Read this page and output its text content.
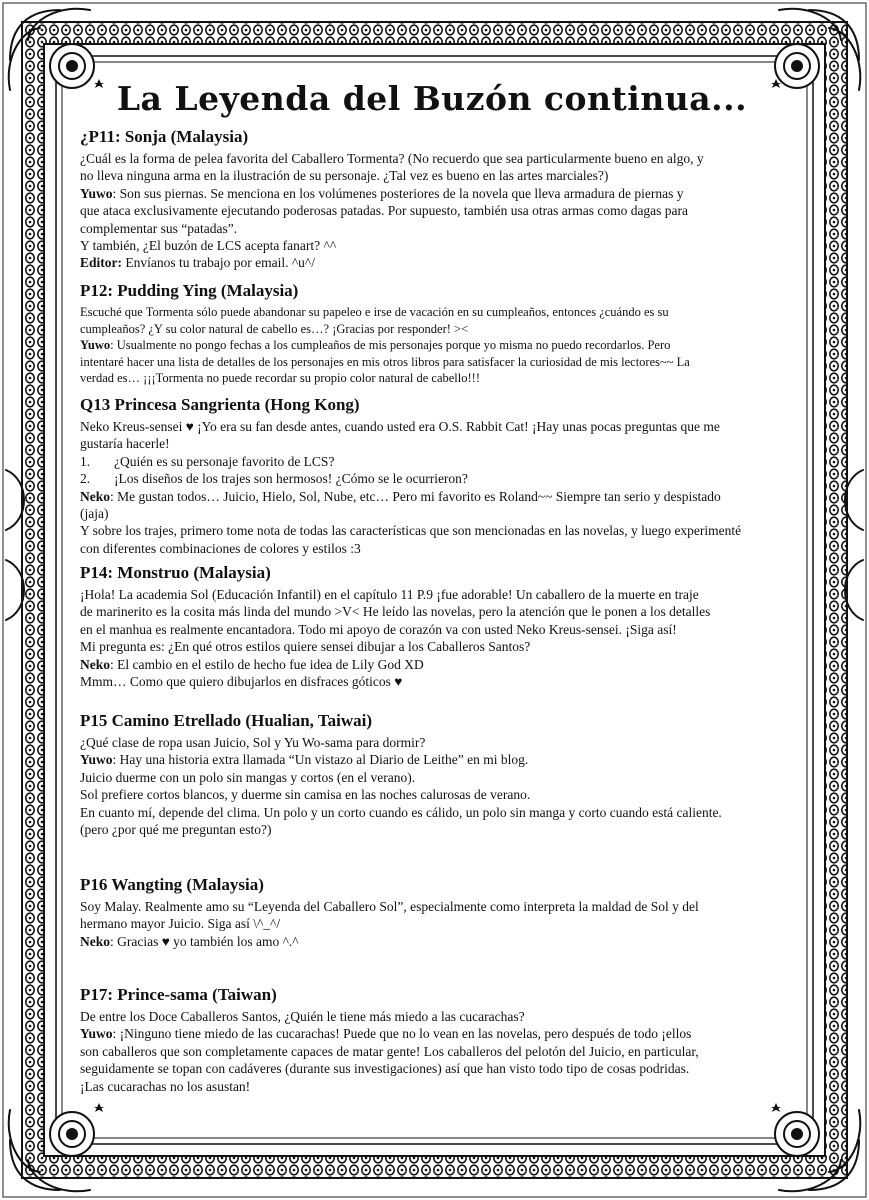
La Leyenda del Buzón continua...
¿P11: Sonja (Malaysia)

¿Cuál es la forma de pelea favorita del Caballero Tormenta? (No recuerdo que sea particularmente bueno en algo, y

no lleva ninguna arma en la ilustración de su personaje. ¿Tal vez es bueno en las artes marciales?)

Yuwo: Son sus piernas. Se menciona en los volúmenes posteriores de la novela que lleva armadura de piernas y

que ataca exclusivamente ejecutando poderosas patadas. Por supuesto, también usa otras armas como dagas para

complementar sus “patadas”.

Y también, ¿El buzón de LCS acepta fanart? ^^

Editor: Envíanos tu trabajo por email. ^u^/

P12: Pudding Ying (Malaysia)

Escuché que Tormenta sólo puede abandonar su papeleo e irse de vacación en su cumpleaños, entonces ¿cuándo es su

cumpleaños? ¿Y su color natural de cabello es…? ¡Gracias por responder! ><

Yuwo: Usualmente no pongo fechas a los cumpleaños de mis personajes porque yo misma no puedo recordarlos. Pero

intentaré hacer una lista de detalles de los personajes en mis otros libros para satisfacer la curiosidad de mis lectores~~ La

verdad es… ¡¡¡Tormenta no puede recordar su propio color natural de cabello!!!

Q13 Princesa Sangrienta (Hong Kong)

Neko Kreus-sensei ♥ ¡Yo era su fan desde antes, cuando usted era O.S. Rabbit Cat! ¡Hay unas pocas preguntas que me

gustaría hacerle!

1.	¿Quién es su personaje favorito de LCS?

2.	¡Los diseños de los trajes son hermosos! ¿Cómo se le ocurrieron?

Neko: Me gustan todos… Juicio, Hielo, Sol, Nube, etc… Pero mi favorito es Roland~~ Siempre tan serio y despistado

(jaja)

Y sobre los trajes, primero tome nota de todas las características que son mencionadas en las novelas, y luego experimenté

con diferentes combinaciones de colores y estilos :3

P14: Monstruo (Malaysia)

¡Hola! La academia Sol (Educación Infantil) en el capítulo 11 P.9 ¡fue adorable! Un caballero de la muerte en traje

de marinerito es la cosita más linda del mundo >V< He leído las novelas, pero la atención que le ponen a los detalles

en el manhua es realmente encantadora. Todo mi apoyo de corazón va con usted Neko Kreus-sensei. ¡Siga así!

Mi pregunta es: ¿En qué otros estilos quiere sensei dibujar a los Caballeros Santos?

Neko: El cambio en el estilo de hecho fue idea de Lily God XD

Mmm… Como que quiero dibujarlos en disfraces góticos ♥

P15 Camino Etrellado (Hualian, Taiwai)

¿Qué clase de ropa usan Juicio, Sol y Yu Wo-sama para dormir?

Yuwo: Hay una historia extra llamada “Un vistazo al Diario de Leithe” en mi blog.

Juicio duerme con un polo sin mangas y cortos (en el verano).

Sol prefiere cortos blancos, y duerme sin camisa en las noches calurosas de verano.

En cuanto mí, depende del clima. Un polo y un corto cuando es cálido, un polo sin manga y corto cuando está caliente.

(pero ¿por qué me preguntan esto?)

P16 Wangting (Malaysia)

Soy Malay. Realmente amo su “Leyenda del Caballero Sol”, especialmente como interpreta la maldad de Sol y del

hermano mayor Juicio. Siga así \^_^/

Neko: Gracias ♥ yo también los amo ^.^

P17: Prince-sama (Taiwan)

De entre los Doce Caballeros Santos, ¿Quién le tiene más miedo a las cucarachas?

Yuwo: ¡Ninguno tiene miedo de las cucarachas! Puede que no lo vean en las novelas, pero después de todo ¡ellos

son caballeros que son completamente capaces de matar gente! Los caballeros del pelotón del Juicio, en particular,

seguidamente se topan con cadáveres (durante sus investigaciones) así que han visto todo tipo de cosas podridas.

¡Las cucarachas no los asustan!
